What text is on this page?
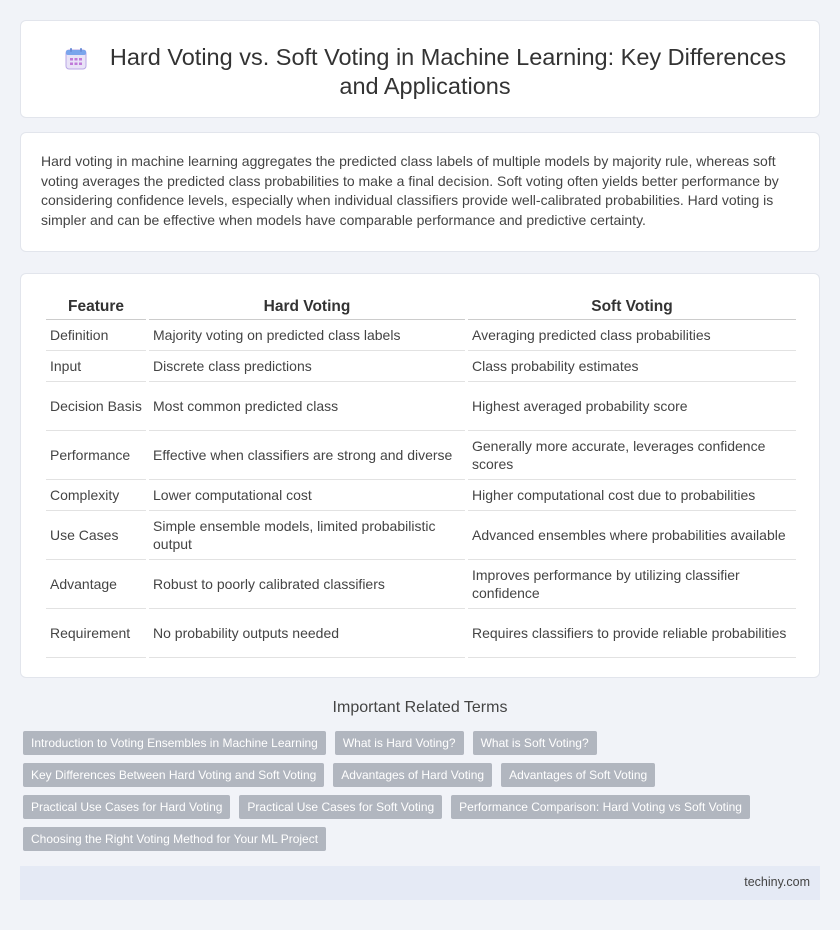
Hard Voting vs. Soft Voting in Machine Learning: Key Differences and Applications

Hard voting in machine learning aggregates the predicted class labels of multiple models by majority rule, whereas soft voting averages the predicted class probabilities to make a final decision. Soft voting often yields better performance by considering confidence levels, especially when individual classifiers provide well-calibrated probabilities. Hard voting is simpler and can be effective when models have comparable performance and predictive certainty.

Feature	Hard Voting	Soft Voting
Definition	Majority voting on predicted class labels	Averaging predicted class probabilities
Input	Discrete class predictions	Class probability estimates
Decision Basis	Most common predicted class	Highest averaged probability score
Performance	Effective when classifiers are strong and diverse	Generally more accurate, leverages confidence scores
Complexity	Lower computational cost	Higher computational cost due to probabilities
Use Cases	Simple ensemble models, limited probabilistic output	Advanced ensembles where probabilities available
Advantage	Robust to poorly calibrated classifiers	Improves performance by utilizing classifier confidence
Requirement	No probability outputs needed	Requires classifiers to provide reliable probabilities
Important Related Terms
Introduction to Voting Ensembles in Machine Learning	What is Hard Voting?	What is Soft Voting?
Key Differences Between Hard Voting and Soft Voting	Advantages of Hard Voting	Advantages of Soft Voting
Practical Use Cases for Hard Voting	Practical Use Cases for Soft Voting	Performance Comparison: Hard Voting vs Soft Voting
Choosing the Right Voting Method for Your ML Project
techiny.com
